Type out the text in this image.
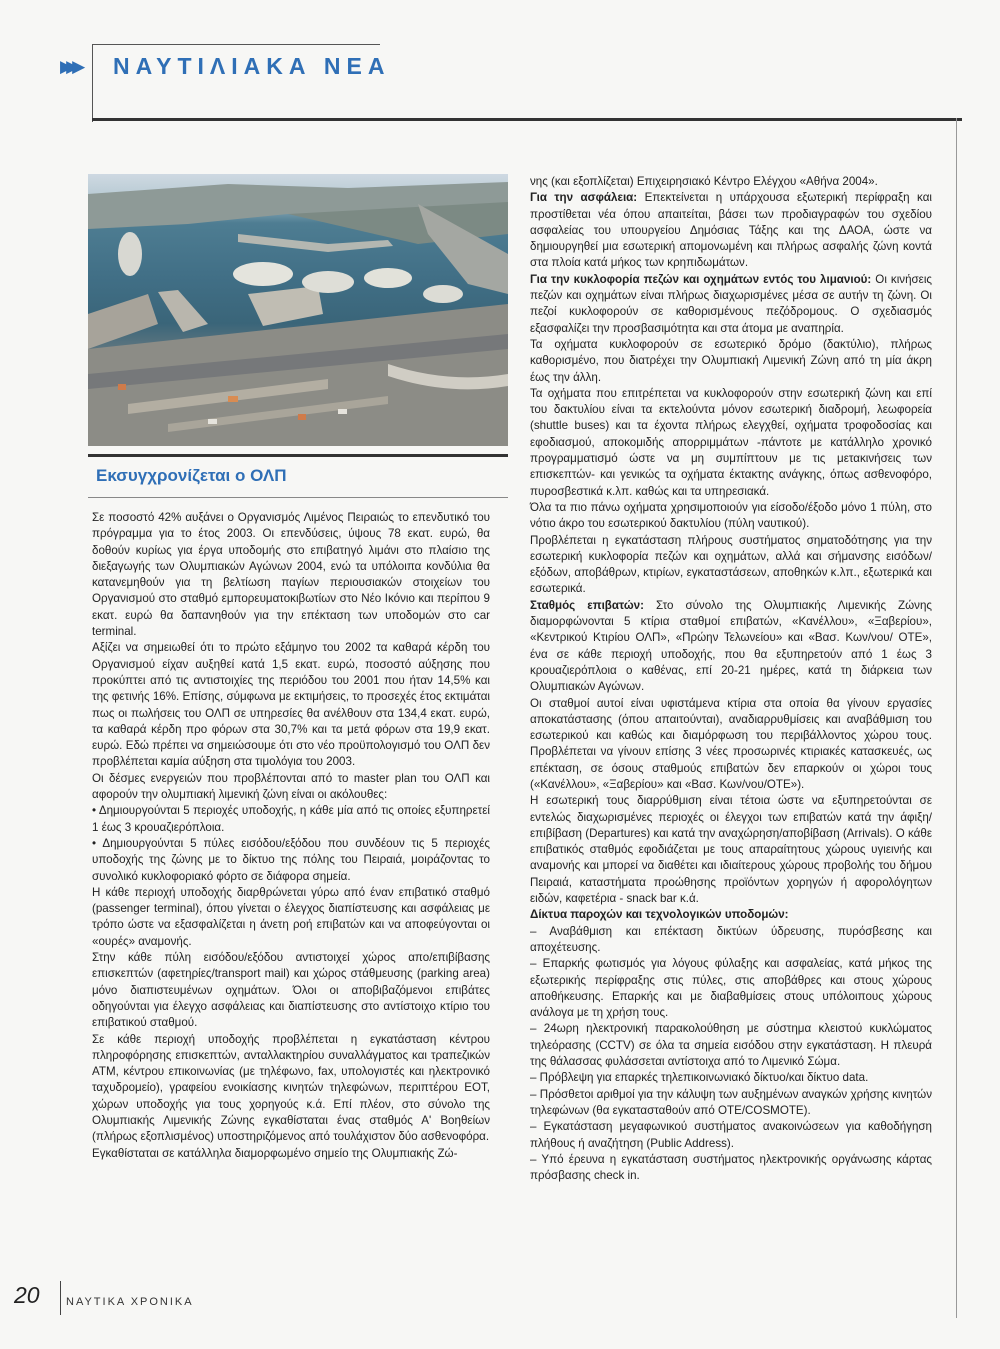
▶▶▶ ΝΑΥΤΙΛΙΑΚΑ ΝΕΑ
Εκσυγχρονίζεται ο ΟΛΠ

Σε ποσοστό 42% αυξάνει ο Οργανισμός Λιμένος Πειραιώς το επενδυτικό του πρόγραμμα για το έτος 2003. Οι επενδύσεις, ύψους 78 εκατ. ευρώ, θα δοθούν κυρίως για έργα υποδομής στο επιβατηγό λιμάνι στο πλαίσιο της διεξαγωγής των Ολυμπιακών Αγώνων 2004, ενώ τα υπόλοιπα κονδύλια θα κατανεμηθούν για τη βελτίωση παγίων περιουσιακών στοιχείων του Οργανισμού στο σταθμό εμπορευματοκιβωτίων στο Νέο Ικόνιο και περίπου 9 εκατ. ευρώ θα δαπανηθούν για την επέκταση των υποδομών στο car terminal.

Αξίζει να σημειωθεί ότι το πρώτο εξάμηνο του 2002 τα καθαρά κέρδη του Οργανισμού είχαν αυξηθεί κατά 1,5 εκατ. ευρώ, ποσοστό αύξησης που προκύπτει από τις αντιστοιχίες της περιόδου του 2001 που ήταν 14,5% και της φετινής 16%. Επίσης, σύμφωνα με εκτιμήσεις, το προσεχές έτος εκτιμάται πως οι πωλήσεις του ΟΛΠ σε υπηρεσίες θα ανέλθουν στα 134,4 εκατ. ευρώ, τα καθαρά κέρδη προ φόρων στα 30,7% και τα μετά φόρων στα 19,9 εκατ. ευρώ. Εδώ πρέπει να σημειώσουμε ότι στο νέο προϋπολογισμό του ΟΛΠ δεν προβλέπεται καμία αύξηση στα τιμολόγια του 2003.

Οι δέσμες ενεργειών που προβλέπονται από το master plan του ΟΛΠ και αφορούν την ολυμπιακή λιμενική ζώνη είναι οι ακόλουθες:

• Δημιουργούνται 5 περιοχές υποδοχής, η κάθε μία από τις οποίες εξυπηρετεί 1 έως 3 κρουαζιερόπλοια.

• Δημιουργούνται 5 πύλες εισόδου/εξόδου που συνδέουν τις 5 περιοχές υποδοχής της ζώνης με το δίκτυο της πόλης του Πειραιά, μοιράζοντας το συνολικό κυκλοφοριακό φόρτο σε διάφορα σημεία.

Η κάθε περιοχή υποδοχής διαρθρώνεται γύρω από έναν επιβατικό σταθμό (passenger terminal), όπου γίνεται ο έλεγχος διαπίστευσης και ασφάλειας με τρόπο ώστε να εξασφαλίζεται η άνετη ροή επιβατών και να αποφεύγονται οι «ουρές» αναμονής.

Στην κάθε πύλη εισόδου/εξόδου αντιστοιχεί χώρος απο/επιβίβασης επισκεπτών (αφετηρίες/transport mail) και χώρος στάθμευσης (parking area) μόνο διαπιστευμένων οχημάτων. Όλοι οι αποβιβαζόμενοι επιβάτες οδηγούνται για έλεγχο ασφάλειας και διαπίστευσης στο αντίστοιχο κτίριο του επιβατικού σταθμού.

Σε κάθε περιοχή υποδοχής προβλέπεται η εγκατάσταση κέντρου πληροφόρησης επισκεπτών, ανταλλακτηρίου συναλλάγματος και τραπεζικών ATM, κέντρου επικοινωνίας (με τηλέφωνο, fax, υπολογιστές και ηλεκτρονικό ταχυδρομείο), γραφείου ενοικίασης κινητών τηλεφώνων, περιπτέρου ΕΟΤ, χώρων υποδοχής για τους χορηγούς κ.ά. Επί πλέον, στο σύνολο της Ολυμπιακής Λιμενικής Ζώνης εγκαθίσταται ένας σταθμός Α' Βοηθείων (πλήρως εξοπλισμένος) υποστηριζόμενος από τουλάχιστον δύο ασθενοφόρα.

Εγκαθίσταται σε κατάλληλα διαμορφωμένο σημείο της Ολυμπιακής Ζώ-

νης (και εξοπλίζεται) Επιχειρησιακό Κέντρο Ελέγχου «Αθήνα 2004».

Για την ασφάλεια: Επεκτείνεται η υπάρχουσα εξωτερική περίφραξη και προστίθεται νέα όπου απαιτείται, βάσει των προδιαγραφών του σχεδίου ασφαλείας του υπουργείου Δημόσιας Τάξης και της ΔΑΟΑ, ώστε να δημιουργηθεί μια εσωτερική απομονωμένη και πλήρως ασφαλής ζώνη κοντά στα πλοία κατά μήκος των κρηπιδωμάτων.

Για την κυκλοφορία πεζών και οχημάτων εντός του λιμανιού: Οι κινήσεις πεζών και οχημάτων είναι πλήρως διαχωρισμένες μέσα σε αυτήν τη ζώνη. Οι πεζοί κυκλοφορούν σε καθορισμένους πεζόδρομους. Ο σχεδιασμός εξασφαλίζει την προσβασιμότητα και στα άτομα με αναπηρία.

Τα οχήματα κυκλοφορούν σε εσωτερικό δρόμο (δακτύλιο), πλήρως καθορισμένο, που διατρέχει την Ολυμπιακή Λιμενική Ζώνη από τη μία άκρη έως την άλλη.

Τα οχήματα που επιτρέπεται να κυκλοφορούν στην εσωτερική ζώνη και επί του δακτυλίου είναι τα εκτελούντα μόνον εσωτερική διαδρομή, λεωφορεία (shuttle buses) και τα έχοντα πλήρως ελεγχθεί, οχήματα τροφοδοσίας και εφοδιασμού, αποκομιδής απορριμμάτων -πάντοτε με κατάλληλο χρονικό προγραμματισμό ώστε να μη συμπίπτουν με τις μετακινήσεις των επισκεπτών- και γενικώς τα οχήματα έκτακτης ανάγκης, όπως ασθενοφόρο, πυροσβεστικά κ.λπ. καθώς και τα υπηρεσιακά.

Όλα τα πιο πάνω οχήματα χρησιμοποιούν για είσοδο/έξοδο μόνο 1 πύλη, στο νότιο άκρο του εσωτερικού δακτυλίου (πύλη ναυτικού).

Προβλέπεται η εγκατάσταση πλήρους συστήματος σηματοδότησης για την εσωτερική κυκλοφορία πεζών και οχημάτων, αλλά και σήμανσης εισόδων/εξόδων, αποβάθρων, κτιρίων, εγκαταστάσεων, αποθηκών κ.λπ., εξωτερικά και εσωτερικά.

Σταθμός επιβατών: Στο σύνολο της Ολυμπιακής Λιμενικής Ζώνης διαμορφώνονται 5 κτίρια σταθμοί επιβατών, «Κανέλλου», «Ξαβερίου», «Κεντρικού Κτιρίου ΟΛΠ», «Πρώην Τελωνείου» και «Βασ. Κων/νου/ ΟΤΕ», ένα σε κάθε περιοχή υποδοχής, που θα εξυπηρετούν από 1 έως 3 κρουαζιερόπλοια ο καθένας, επί 20-21 ημέρες, κατά τη διάρκεια των Ολυμπιακών Αγώνων.

Οι σταθμοί αυτοί είναι υφιστάμενα κτίρια στα οποία θα γίνουν εργασίες αποκατάστασης (όπου απαιτούνται), αναδιαρρυθμίσεις και αναβάθμιση του εσωτερικού και καθώς και διαμόρφωση του περιβάλλοντος χώρου τους. Προβλέπεται να γίνουν επίσης 3 νέες προσωρινές κτιριακές κατασκευές, ως επέκταση, σε όσους σταθμούς επιβατών δεν επαρκούν οι χώροι τους («Κανέλλου», «Ξαβερίου» και «Βασ. Κων/νου/ΟΤΕ»).

Η εσωτερική τους διαρρύθμιση είναι τέτοια ώστε να εξυπηρετούνται σε εντελώς διαχωρισμένες περιοχές οι έλεγχοι των επιβατών κατά την άφιξη/επιβίβαση (Departures) και κατά την αναχώρηση/αποβίβαση (Arrivals). Ο κάθε επιβατικός σταθμός εφοδιάζεται με τους απαραίτητους χώρους υγιεινής και αναμονής και μπορεί να διαθέτει και ιδιαίτερους χώρους προβολής του δήμου Πειραιά, καταστήματα προώθησης προϊόντων χορηγών ή αφορολόγητων ειδών, καφετέρια - snack bar κ.ά.

Δίκτυα παροχών και τεχνολογικών υποδομών:

– Αναβάθμιση και επέκταση δικτύων ύδρευσης, πυρόσβεσης και αποχέτευσης.

– Επαρκής φωτισμός για λόγους φύλαξης και ασφαλείας, κατά μήκος της εξωτερικής περίφραξης στις πύλες, στις αποβάθρες και στους χώρους αποθήκευσης. Επαρκής και με διαβαθμίσεις στους υπόλοιπους χώρους ανάλογα με τη χρήση τους.

– 24ωρη ηλεκτρονική παρακολούθηση με σύστημα κλειστού κυκλώματος τηλεόρασης (CCTV) σε όλα τα σημεία εισόδου στην εγκατάσταση. Η πλευρά της θάλασσας φυλάσσεται αντίστοιχα από το Λιμενικό Σώμα.

– Πρόβλεψη για επαρκές τηλεπικοινωνιακό δίκτυο/και δίκτυο data.

– Πρόσθετοι αριθμοί για την κάλυψη των αυξημένων αναγκών χρήσης κινητών τηλεφώνων (θα εγκατασταθούν από ΟΤΕ/COSMOTE).

– Εγκατάσταση μεγαφωνικού συστήματος ανακοινώσεων για καθοδήγηση πλήθους ή αναζήτηση (Public Address).

– Υπό έρευνα η εγκατάσταση συστήματος ηλεκτρονικής οργάνωσης κάρτας πρόσβασης check in.

20 ΝΑΥΤΙΚΑ ΧΡΟΝΙΚΑ
